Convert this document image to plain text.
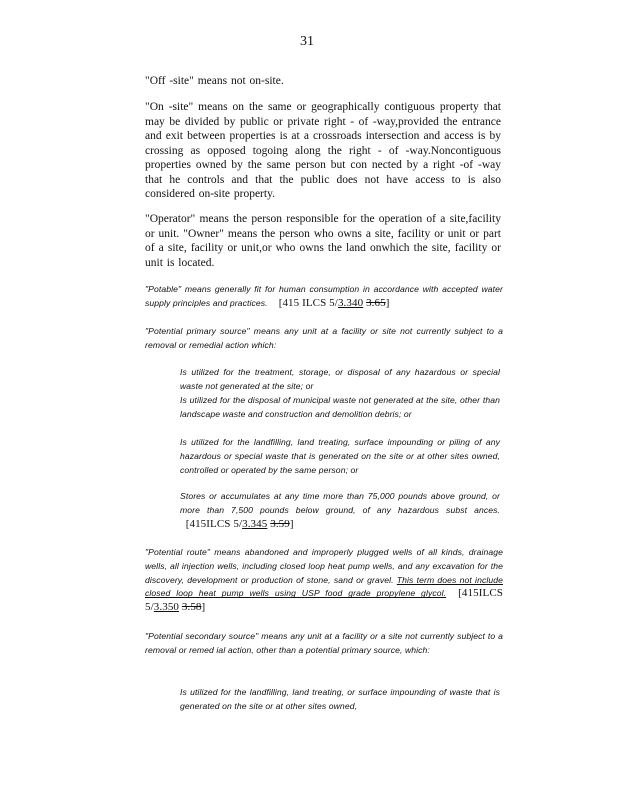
31
"Off -site" means not on-site.
"On -site" means on the same or geographically contiguous property that may be divided by public or private right - of -way,provided the entrance and exit between properties is at a crossroads intersection and access is by crossing as opposed togoing along the right - of -way.Noncontiguous properties owned by the same person but con nected by a right -of -way that he controls and that the public does not have access to is also considered on-site property.
"Operator" means the person responsible for the operation of a site,facility or unit. "Owner" means the person who owns a site, facility or unit or part of a site, facility or unit,or who owns the land onwhich the site, facility or unit is located.
"Potable" means generally fit for human consumption in accordance with accepted water supply principles and practices. [415 ILCS 5/3.340 3.65]
"Potential primary source" means any unit at a facility or site not currently subject to a removal or remedial action which:
Is utilized for the treatment, storage, or disposal of any hazardous or special waste not generated at the site; or
Is utilized for the disposal of municipal waste not generated at the site, other than landscape waste and construction and demolition debris; or
Is utilized for the landfilling, land treating, surface impounding or piling of any hazardous or special waste that is generated on the site or at other sites owned, controlled or operated by the same person; or
Stores or accumulates at any time more than 75,000 pounds above ground, or more than 7,500 pounds below ground, of any hazardous subst ances.   [415ILCS 5/3.345 3.59]
"Potential route" means abandoned and improperly plugged wells of all kinds, drainage wells, all injection wells, including closed loop heat pump wells, and any excavation for the discovery, development or production of stone, sand or gravel. This term does not include closed loop heat pump wells using USP food grade propylene glycol. [415ILCS 5/3.350 3.58]
"Potential secondary source" means any unit at a facility or a site not currently subject to a removal or remed ial action, other than a potential primary source, which:
Is utilized for the landfilling, land treating, or surface impounding of waste that is generated on the site or at other sites owned,
